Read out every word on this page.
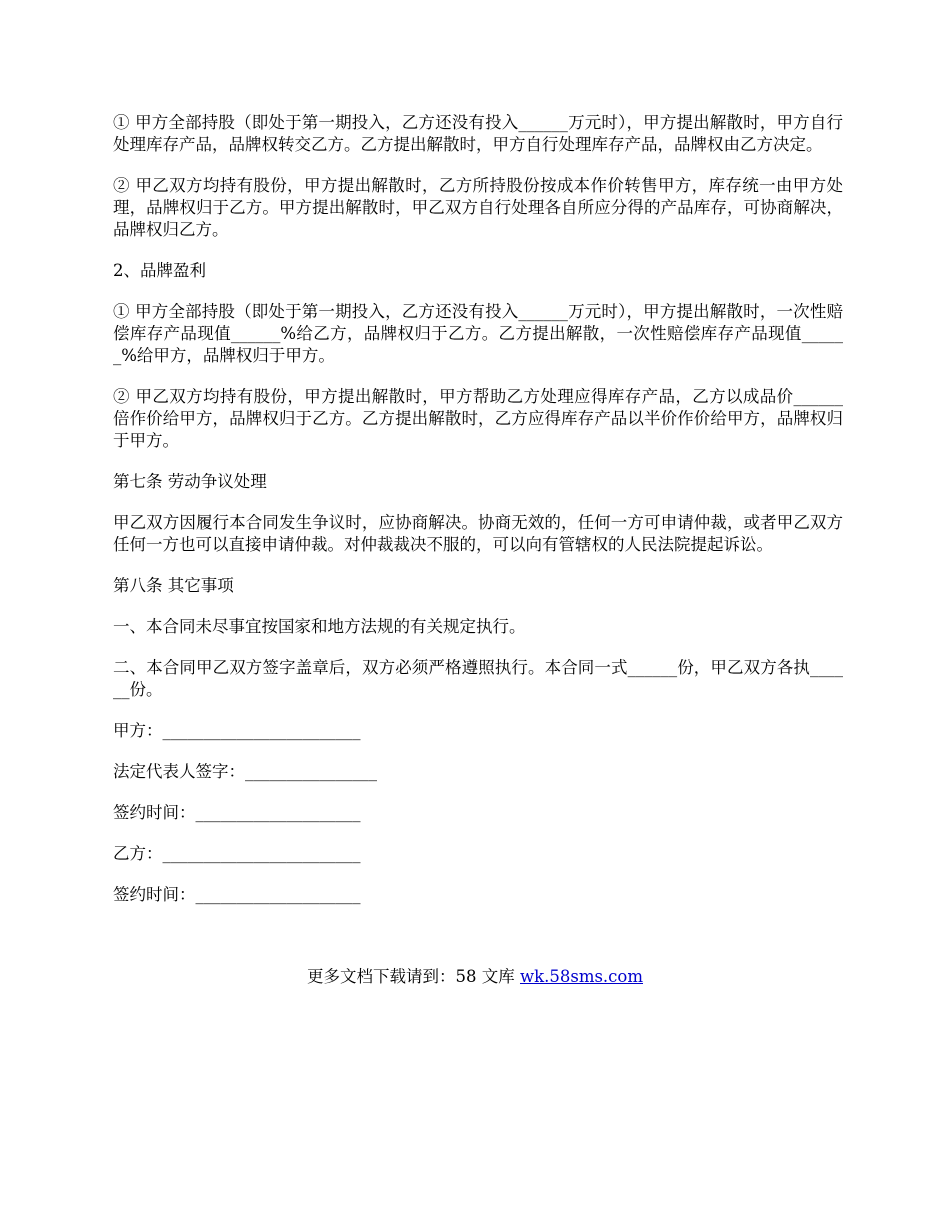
① 甲方全部持股（即处于第一期投入，乙方还没有投入______万元时），甲方提出解散时，甲方自行处理库存产品，品牌权转交乙方。乙方提出解散时，甲方自行处理库存产品，品牌权由乙方决定。

② 甲乙双方均持有股份，甲方提出解散时，乙方所持股份按成本作价转售甲方，库存统一由甲方处理，品牌权归于乙方。甲方提出解散时，甲乙双方自行处理各自所应分得的产品库存，可协商解决，品牌权归乙方。

2、品牌盈利

① 甲方全部持股（即处于第一期投入，乙方还没有投入______万元时），甲方提出解散时，一次性赔偿库存产品现值______%给乙方，品牌权归于乙方。乙方提出解散，一次性赔偿库存产品现值______%给甲方，品牌权归于甲方。

② 甲乙双方均持有股份，甲方提出解散时，甲方帮助乙方处理应得库存产品，乙方以成品价______倍作价给甲方，品牌权归于乙方。乙方提出解散时，乙方应得库存产品以半价作价给甲方，品牌权归于甲方。

第七条 劳动争议处理

甲乙双方因履行本合同发生争议时，应协商解决。协商无效的，任何一方可申请仲裁，或者甲乙双方任何一方也可以直接申请仲裁。对仲裁裁决不服的，可以向有管辖权的人民法院提起诉讼。

第八条 其它事项

一、本合同未尽事宜按国家和地方法规的有关规定执行。

二、本合同甲乙双方签字盖章后，双方必须严格遵照执行。本合同一式______份，甲乙双方各执______份。

甲方：________________________

法定代表人签字：________________

签约时间：____________________

乙方：________________________

签约时间：____________________

更多文档下载请到：58 文库 wk.58sms.com
